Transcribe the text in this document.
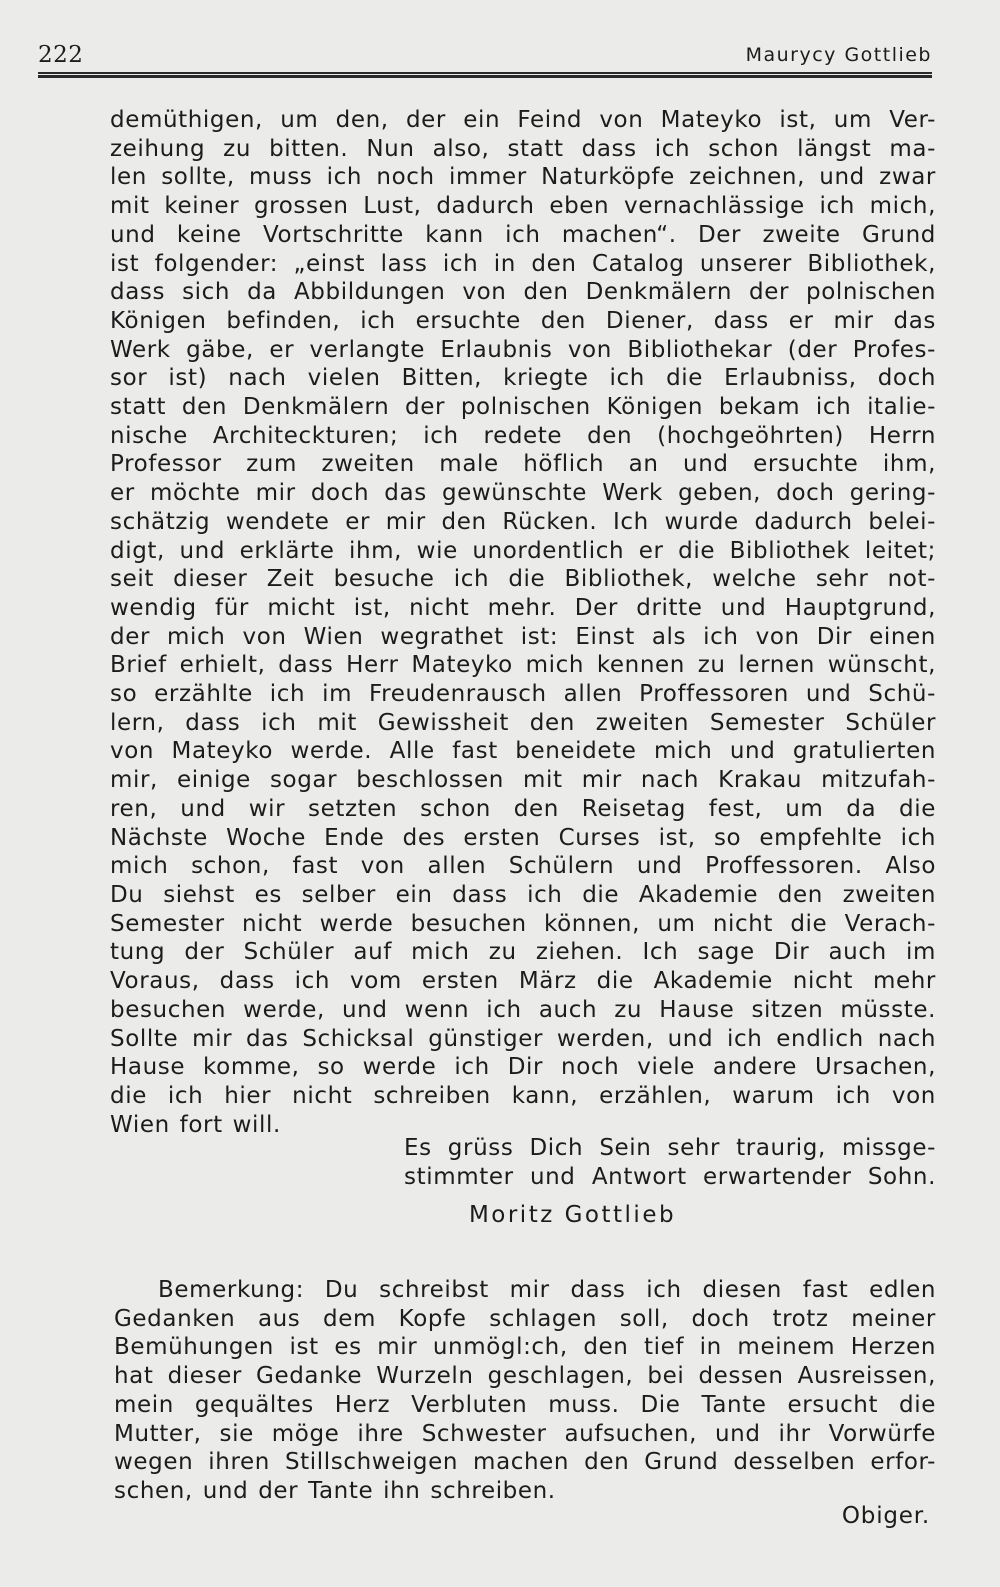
222	Maurycy Gottlieb
demüthigen, um den, der ein Feind von Mateyko ist, um Ver-
zeihung zu bitten. Nun also, statt dass ich schon längst ma-
len sollte, muss ich noch immer Naturköpfe zeichnen, und zwar
mit keiner grossen Lust, dadurch eben vernachlässige ich mich,
und keine Vortschritte kann ich machen“. Der zweite Grund
ist folgender: „einst lass ich in den Catalog unserer Bibliothek,
dass sich da Abbildungen von den Denkmälern der polnischen
Königen befinden, ich ersuchte den Diener, dass er mir das
Werk gäbe, er verlangte Erlaubnis von Bibliothekar (der Profes-
sor ist) nach vielen Bitten, kriegte ich die Erlaubniss, doch
statt den Denkmälern der polnischen Königen bekam ich italie-
nische Architeckturen; ich redete den (hochgeöhrten) Herrn
Professor zum zweiten male höflich an und ersuchte ihm,
er möchte mir doch das gewünschte Werk geben, doch gering-
schätzig wendete er mir den Rücken. Ich wurde dadurch belei-
digt, und erklärte ihm, wie unordentlich er die Bibliothek leitet;
seit dieser Zeit besuche ich die Bibliothek, welche sehr not-
wendig für micht ist, nicht mehr. Der dritte und Hauptgrund,
der mich von Wien wegrathet ist: Einst als ich von Dir einen
Brief erhielt, dass Herr Mateyko mich kennen zu lernen wünscht,
so erzählte ich im Freudenrausch allen Proffessoren und Schü-
lern, dass ich mit Gewissheit den zweiten Semester Schüler
von Mateyko werde. Alle fast beneidete mich und gratulierten
mir, einige sogar beschlossen mit mir nach Krakau mitzufah-
ren, und wir setzten schon den Reisetag fest, um da die
Nächste Woche Ende des ersten Curses ist, so empfehlte ich
mich schon, fast von allen Schülern und Proffessoren. Also
Du siehst es selber ein dass ich die Akademie den zweiten
Semester nicht werde besuchen können, um nicht die Verach-
tung der Schüler auf mich zu ziehen. Ich sage Dir auch im
Voraus, dass ich vom ersten März die Akademie nicht mehr
besuchen werde, und wenn ich auch zu Hause sitzen müsste.
Sollte mir das Schicksal günstiger werden, und ich endlich nach
Hause komme, so werde ich Dir noch viele andere Ursachen,
die ich hier nicht schreiben kann, erzählen, warum ich von
Wien fort will.
Es grüss Dich Sein sehr traurig, missge-
stimmter und Antwort erwartender Sohn.
Moritz Gottlieb
Bemerkung: Du schreibst mir dass ich diesen fast edlen
Gedanken aus dem Kopfe schlagen soll, doch trotz meiner
Bemühungen ist es mir unmögl:ch, den tief in meinem Herzen
hat dieser Gedanke Wurzeln geschlagen, bei dessen Ausreissen,
mein gequältes Herz Verbluten muss. Die Tante ersucht die
Mutter, sie möge ihre Schwester aufsuchen, und ihr Vorwürfe
wegen ihren Stillschweigen machen den Grund desselben erfor-
schen, und der Tante ihn schreiben.
Obiger.
